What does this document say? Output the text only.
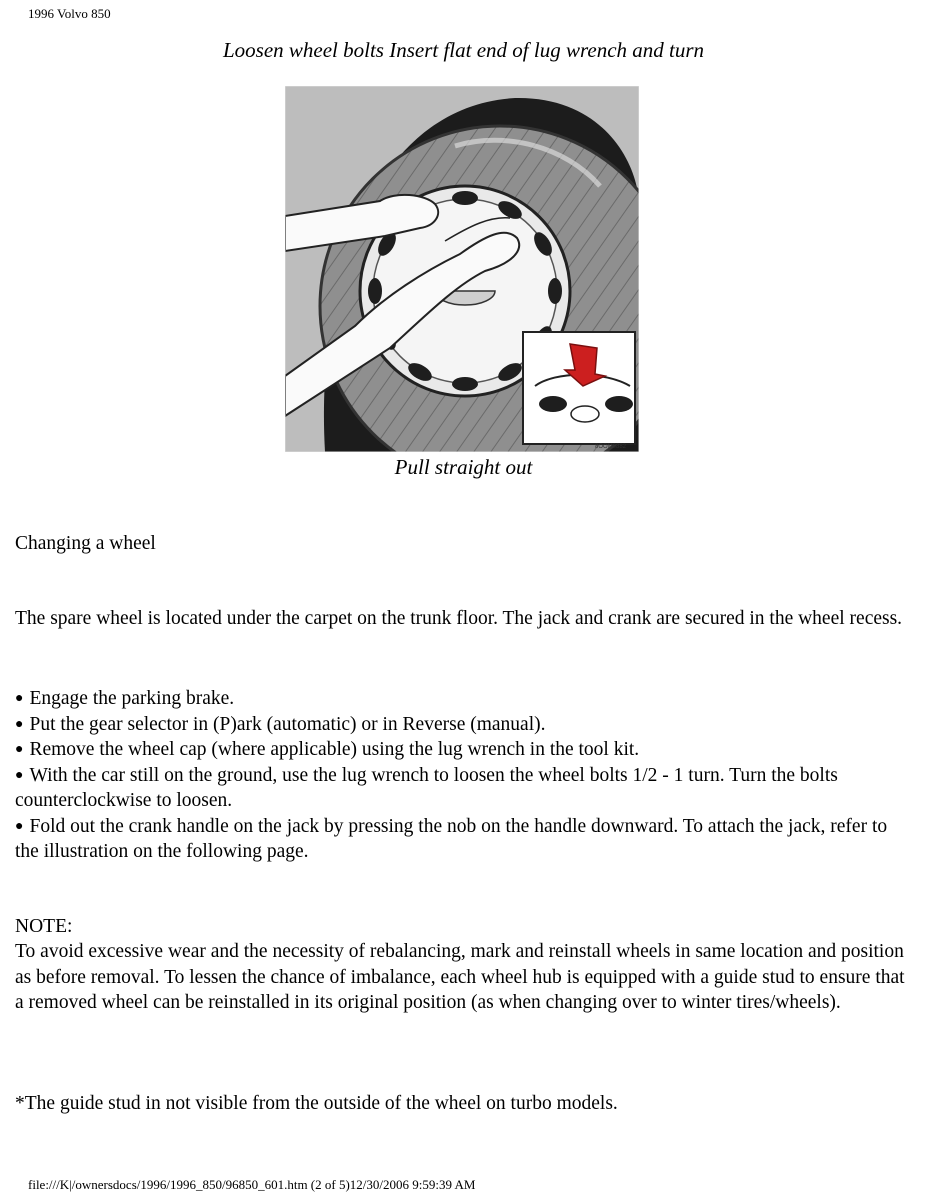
1996 Volvo 850
Loosen wheel bolts Insert flat end of lug wrench and turn
8OOM0882
Pull straight out
Changing a wheel
The spare wheel is located under the carpet on the trunk floor. The jack and crank are secured in the wheel recess.
● Engage the parking brake.
● Put the gear selector in (P)ark (automatic) or in Reverse (manual).
● Remove the wheel cap (where applicable) using the lug wrench in the tool kit.
● With the car still on the ground, use the lug wrench to loosen the wheel bolts 1/2 - 1 turn. Turn the bolts counterclockwise to loosen.
● Fold out the crank handle on the jack by pressing the nob on the handle downward. To attach the jack, refer to the illustration on the following page.
NOTE:
To avoid excessive wear and the necessity of rebalancing, mark and reinstall wheels in same location and position as before removal. To lessen the chance of imbalance, each wheel hub is equipped with a guide stud to ensure that a removed wheel can be reinstalled in its original position (as when changing over to winter tires/wheels).
*The guide stud in not visible from the outside of the wheel on turbo models.
file:///K|/ownersdocs/1996/1996_850/96850_601.htm (2 of 5)12/30/2006 9:59:39 AM
